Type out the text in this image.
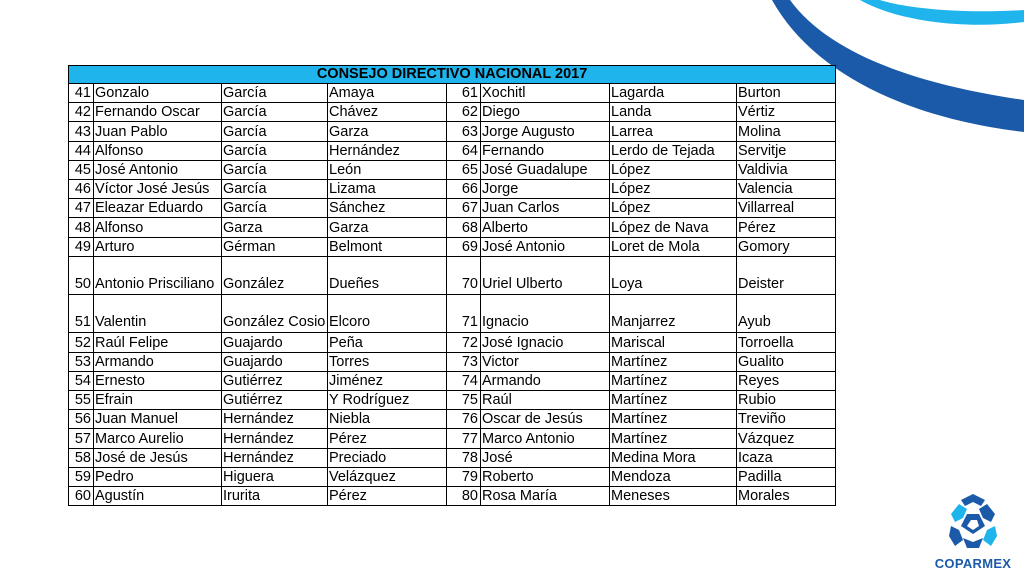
CONSEJO DIRECTIVO NACIONAL 2017							
41	Gonzalo	García	Amaya	61	Xochitl	Lagarda	Burton
42	Fernando Oscar	García	Chávez	62	Diego	Landa	Vértiz
43	Juan Pablo	García	Garza	63	Jorge Augusto	Larrea	Molina
44	Alfonso	García	Hernández	64	Fernando	Lerdo de Tejada	Servitje
45	José Antonio	García	León	65	José Guadalupe	López	Valdivia
46	Víctor José Jesús	García	Lizama	66	Jorge	López	Valencia
47	Eleazar Eduardo	García	Sánchez	67	Juan Carlos	López	Villarreal
48	Alfonso	Garza	Garza	68	Alberto	López de Nava	Pérez
49	Arturo	Gérman	Belmont	69	José Antonio	Loret de Mola	Gomory
50	Antonio Prisciliano	González	Dueñes	70	Uriel Ulberto	Loya	Deister
51	Valentin	González Cosio	Elcoro	71	Ignacio	Manjarrez	Ayub
52	Raúl Felipe	Guajardo	Peña	72	José Ignacio	Mariscal	Torroella
53	Armando	Guajardo	Torres	73	Victor	Martínez	Gualito
54	Ernesto	Gutiérrez	Jiménez	74	Armando	Martínez	Reyes
55	Efrain	Gutiérrez	Y Rodríguez	75	Raúl	Martínez	Rubio
56	Juan Manuel	Hernández	Niebla	76	Oscar de Jesús	Martínez	Treviño
57	Marco Aurelio	Hernández	Pérez	77	Marco Antonio	Martínez	Vázquez
58	José de Jesús	Hernández	Preciado	78	José	Medina Mora	Icaza
59	Pedro	Higuera	Velázquez	79	Roberto	Mendoza	Padilla
60	Agustín	Irurita	Pérez	80	Rosa María	Meneses	Morales
COPARMEX
